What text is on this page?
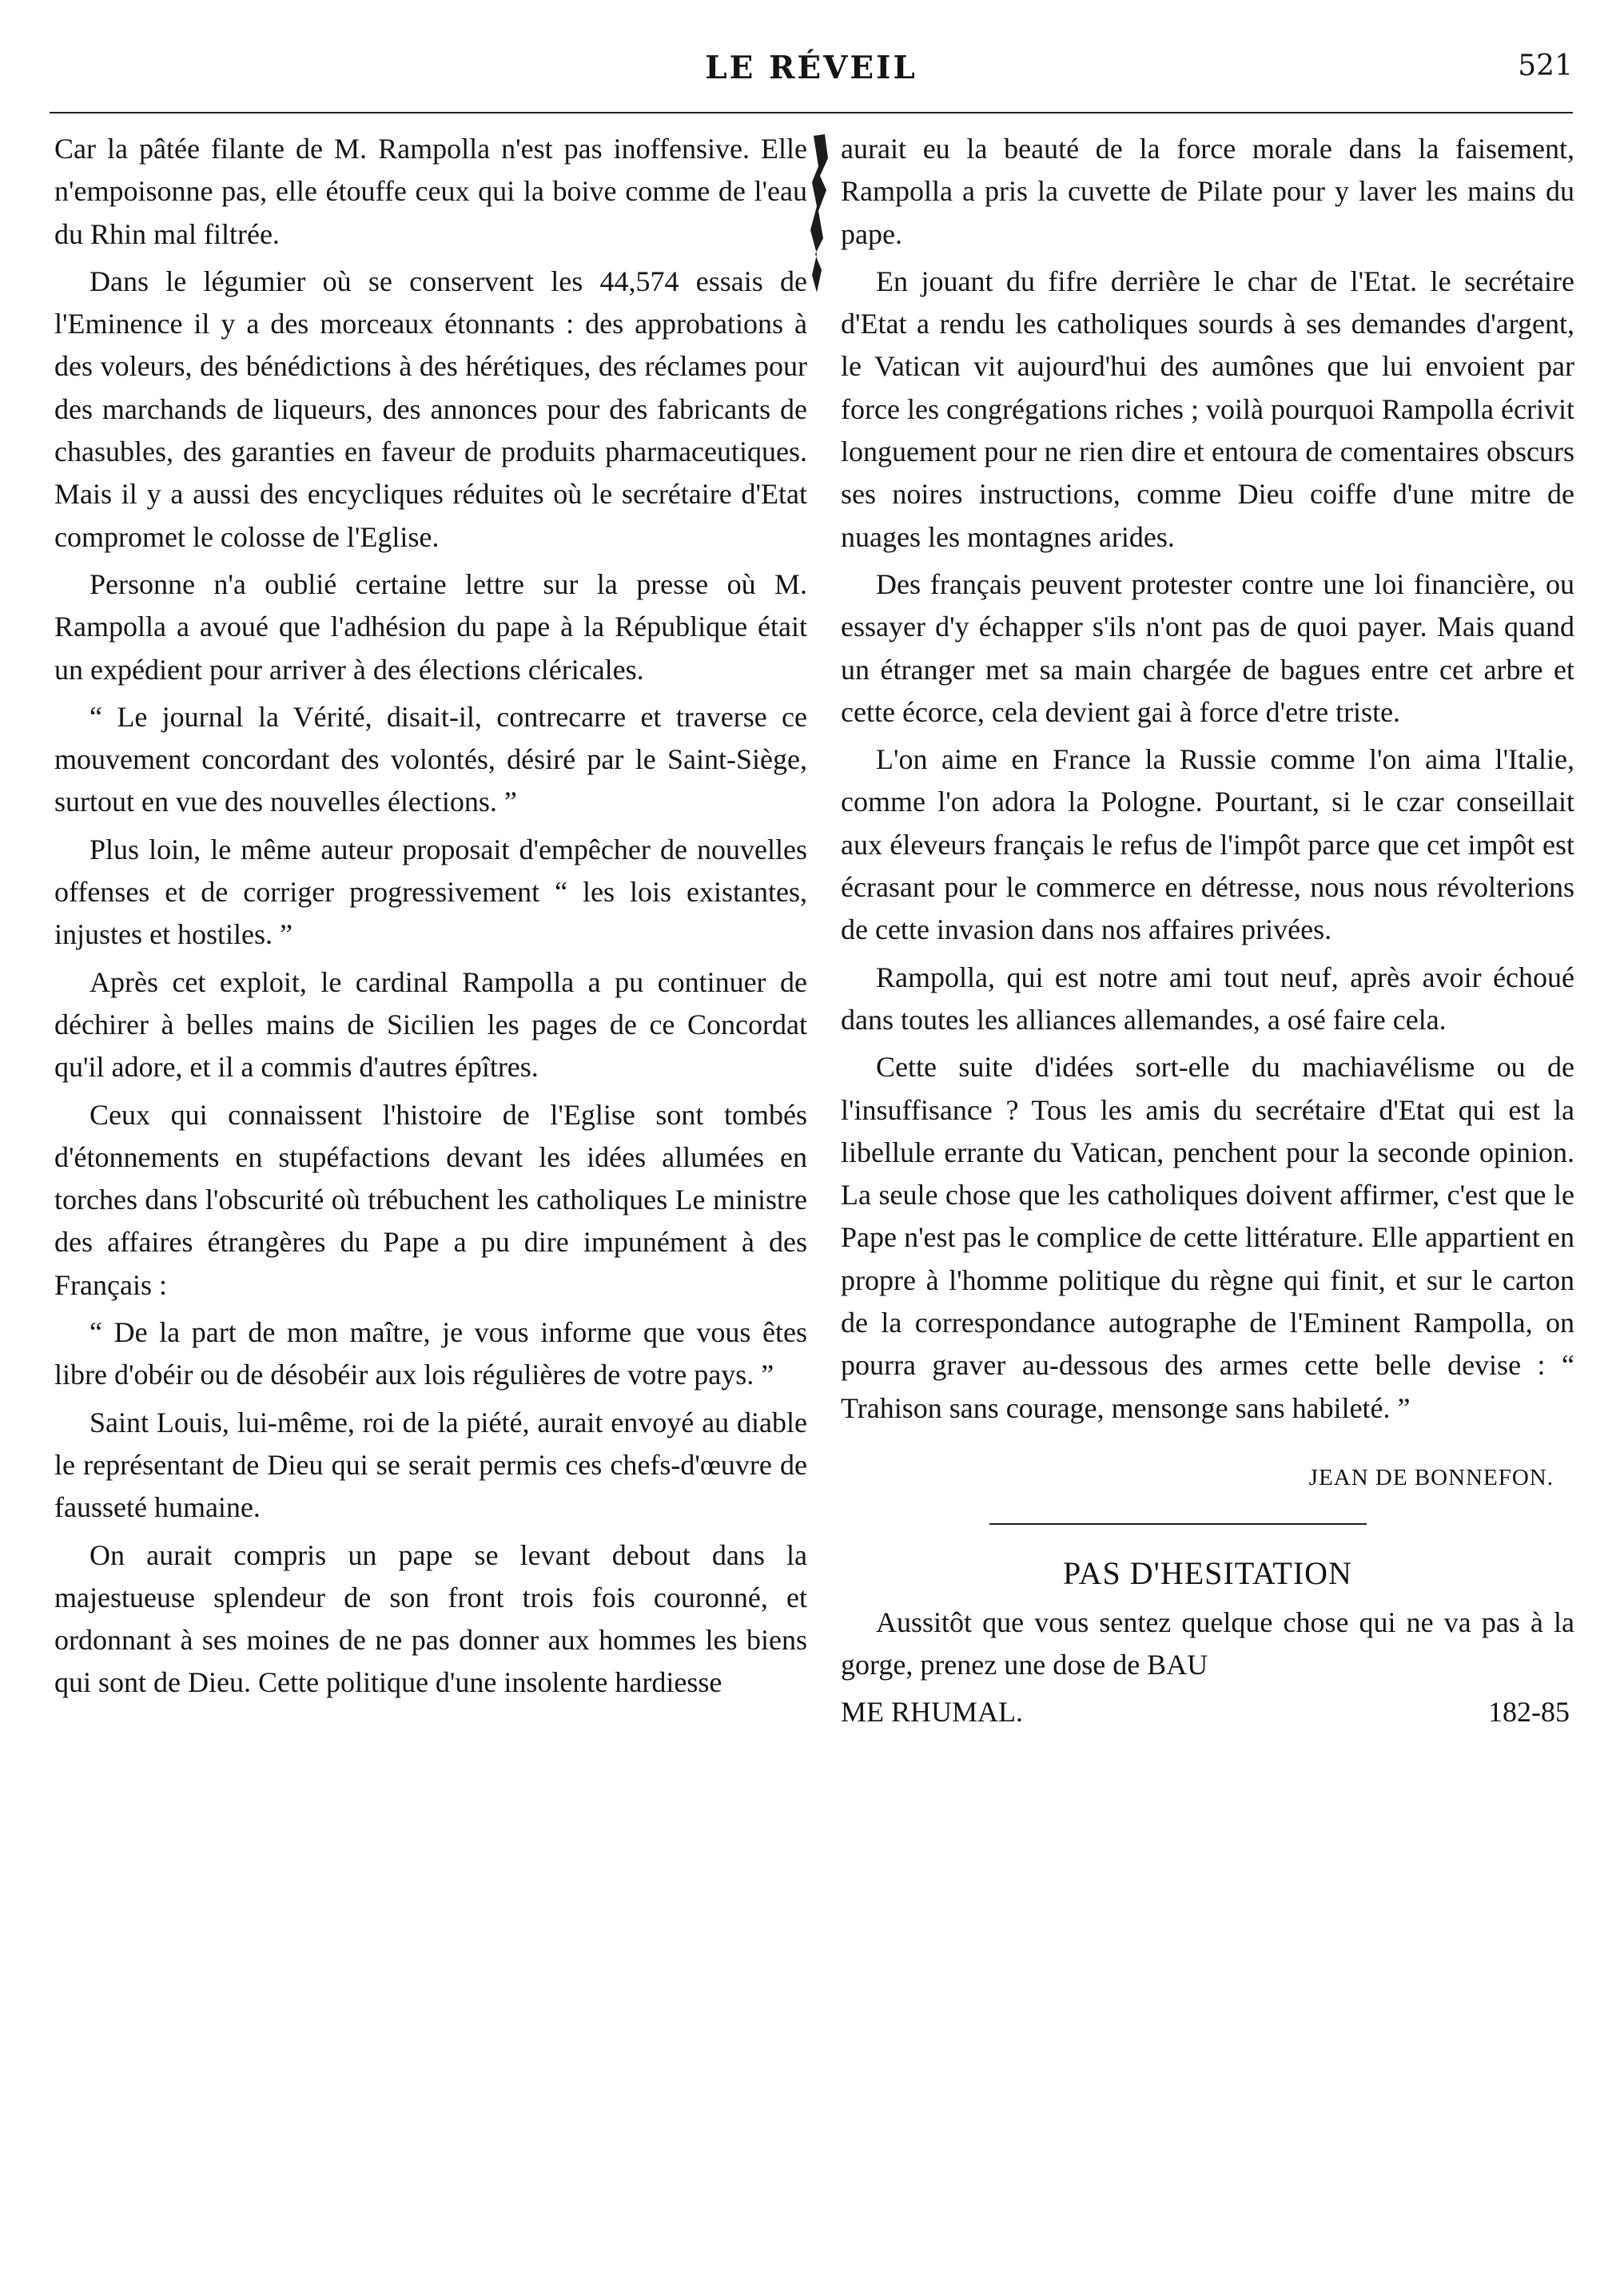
LE RÉVEIL	521

Car la pâtée filante de M. Rampolla n'est pas inoffensive. Elle n'empoisonne pas, elle étouffe ceux qui la boive comme de l'eau du Rhin mal filtrée.

Dans le légumier où se conservent les 44,574 essais de l'Eminence il y a des morceaux étonnants : des approbations à des voleurs, des bénédictions à des hérétiques, des réclames pour des marchands de liqueurs, des annonces pour des fabricants de chasubles, des garanties en faveur de produits pharmaceutiques. Mais il y a aussi des encycliques réduites où le secrétaire d'Etat compromet le colosse de l'Eglise.

Personne n'a oublié certaine lettre sur la presse où M. Rampolla a avoué que l'adhésion du pape à la République était un expédient pour arriver à des élections cléricales.

“ Le journal la Vérité, disait-il, contrecarre et traverse ce mouvement concordant des volontés, désiré par le Saint-Siège, surtout en vue des nouvelles élections. ”

Plus loin, le même auteur proposait d'empêcher de nouvelles offenses et de corriger progressivement “ les lois existantes, injustes et hostiles. ”

Après cet exploit, le cardinal Rampolla a pu continuer de déchirer à belles mains de Sicilien les pages de ce Concordat qu'il adore, et il a commis d'autres épîtres.

Ceux qui connaissent l'histoire de l'Eglise sont tombés d'étonnements en stupéfactions devant les idées allumées en torches dans l'obscurité où trébuchent les catholiques Le ministre des affaires étrangères du Pape a pu dire impunément à des Français :

“ De la part de mon maître, je vous informe que vous êtes libre d'obéir ou de désobéir aux lois régulières de votre pays. ”

Saint Louis, lui-même, roi de la piété, aurait envoyé au diable le représentant de Dieu qui se serait permis ces chefs-d'œuvre de fausseté humaine.

On aurait compris un pape se levant debout dans la majestueuse splendeur de son front trois fois couronné, et ordonnant à ses moines de ne pas donner aux hommes les biens qui sont de Dieu. Cette politique d'une insolente hardiesse

aurait eu la beauté de la force morale dans la faisement, Rampolla a pris la cuvette de Pilate pour y laver les mains du pape.

En jouant du fifre derrière le char de l'Etat. le secrétaire d'Etat a rendu les catholiques sourds à ses demandes d'argent, le Vatican vit aujourd'hui des aumônes que lui envoient par force les congrégations riches ; voilà pourquoi Rampolla écrivit longuement pour ne rien dire et entoura de comentaires obscurs ses noires instructions, comme Dieu coiffe d'une mitre de nuages les montagnes arides.

Des français peuvent protester contre une loi financière, ou essayer d'y échapper s'ils n'ont pas de quoi payer. Mais quand un étranger met sa main chargée de bagues entre cet arbre et cette écorce, cela devient gai à force d'etre triste.

L'on aime en France la Russie comme l'on aima l'Italie, comme l'on adora la Pologne. Pourtant, si le czar conseillait aux éleveurs français le refus de l'impôt parce que cet impôt est écrasant pour le commerce en détresse, nous nous révolterions de cette invasion dans nos affaires privées.

Rampolla, qui est notre ami tout neuf, après avoir échoué dans toutes les alliances allemandes, a osé faire cela.

Cette suite d'idées sort-elle du machiavélisme ou de l'insuffisance ? Tous les amis du secrétaire d'Etat qui est la libellule errante du Vatican, penchent pour la seconde opinion. La seule chose que les catholiques doivent affirmer, c'est que le Pape n'est pas le complice de cette littérature. Elle appartient en propre à l'homme politique du règne qui finit, et sur le carton de la correspondance autographe de l'Eminent Rampolla, on pourra graver au-dessous des armes cette belle devise : “ Trahison sans courage, mensonge sans habileté. ”

JEAN DE BONNEFON.
PAS D'HESITATION

Aussitôt que vous sentez quelque chose qui ne va pas à la gorge, prenez une dose de BAU

ME RHUMAL.	182-85
